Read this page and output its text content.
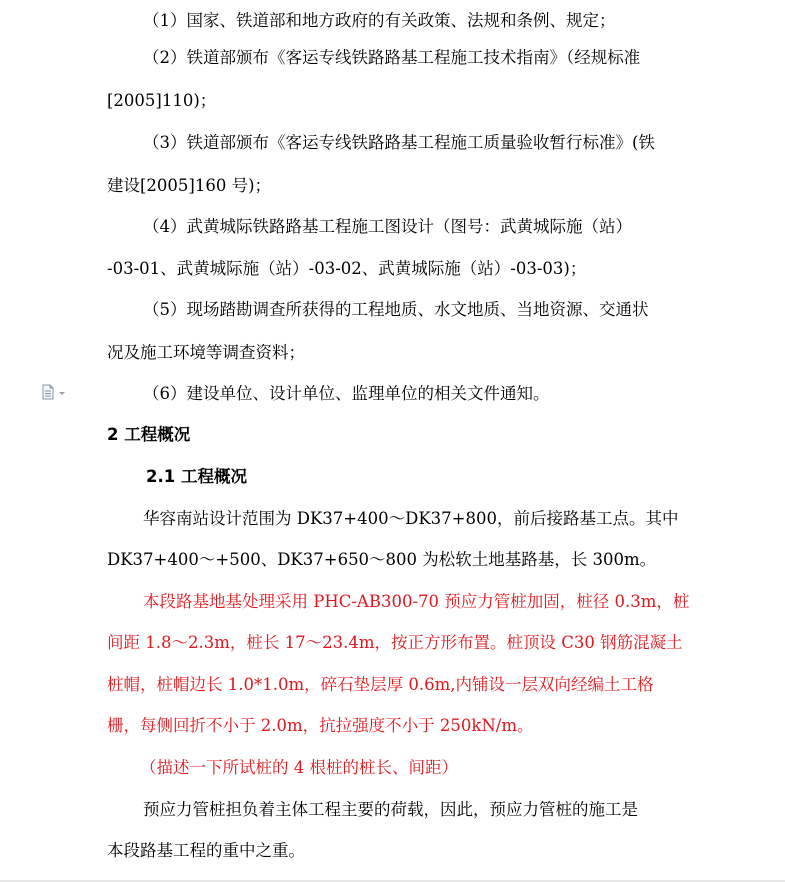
（1）国家、铁道部和地方政府的有关政策、法规和条例、规定；
（2）铁道部颁布《客运专线铁路路基工程施工技术指南》（经规标准
[2005]110)；
（3）铁道部颁布《客运专线铁路路基工程施工质量验收暂行标准》(铁
建设[2005]160 号)；
（4）武黄城际铁路路基工程施工图设计（图号：武黄城际施（站）
-03-01、武黄城际施（站）-03-02、武黄城际施（站）-03-03)；
（5）现场踏勘调查所获得的工程地质、水文地质、当地资源、交通状
况及施工环境等调查资料；
（6）建设单位、设计单位、监理单位的相关文件通知。
2 工程概况
2.1 工程概况
华容南站设计范围为 DK37+400～DK37+800，前后接路基工点。其中
DK37+400～+500、DK37+650～800 为松软土地基路基，长 300m。
本段路基地基处理采用 PHC-AB300-70 预应力管桩加固，桩径 0.3m，桩
间距 1.8～2.3m，桩长 17～23.4m，按正方形布置。桩顶设 C30 钢筋混凝土
桩帽，桩帽边长 1.0*1.0m，碎石垫层厚 0.6m,内铺设一层双向经编土工格
栅，每侧回折不小于 2.0m，抗拉强度不小于 250kN/m。
（描述一下所试桩的 4 根桩的桩长、间距）
预应力管桩担负着主体工程主要的荷载，因此，预应力管桩的施工是
本段路基工程的重中之重。
